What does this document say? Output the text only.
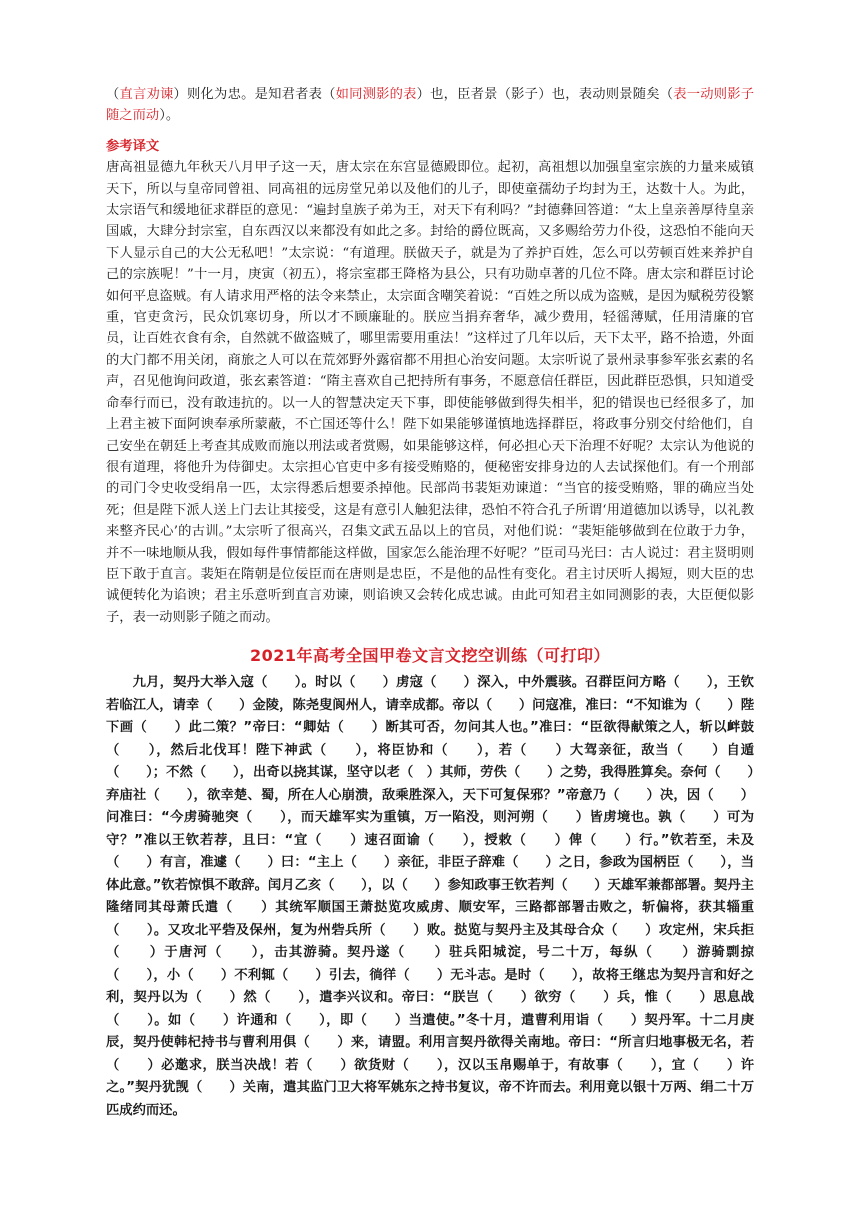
（直言劝谏）则化为忠。是知君者表（如同测影的表）也，臣者景（影子）也，表动则景随矣（表一动则影子随之而动）。

参考译文

唐高祖显德九年秋天八月甲子这一天，唐太宗在东宫显德殿即位。起初，高祖想以加强皇室宗族的力量来威镇天下，所以与皇帝同曾祖、同高祖的远房堂兄弟以及他们的儿子，即使童孺幼子均封为王，达数十人。为此，太宗语气和缓地征求群臣的意见：“遍封皇族子弟为王，对天下有利吗？”封德彝回答道：“太上皇亲善厚待皇亲国戚，大肆分封宗室，自东西汉以来都没有如此之多。封给的爵位既高，又多赐给劳力仆役，这恐怕不能向天下人显示自己的大公无私吧！”太宗说：“有道理。朕做天子，就是为了养护百姓，怎么可以劳顿百姓来养护自己的宗族呢！”十一月，庚寅（初五），将宗室郡王降格为县公，只有功勋卓著的几位不降。唐太宗和群臣讨论如何平息盗贼。有人请求用严格的法令来禁止，太宗面含嘲笑着说：“百姓之所以成为盗贼，是因为赋税劳役繁重，官吏贪污，民众饥寒切身，所以才不顾廉耻的。朕应当捐弃奢华，减少费用，轻徭薄赋，任用清廉的官员，让百姓衣食有余，自然就不做盗贼了，哪里需要用重法！”这样过了几年以后，天下太平，路不拾遗，外面的大门都不用关闭，商旅之人可以在荒郊野外露宿都不用担心治安问题。太宗听说了景州录事参军张玄素的名声，召见他询问政道，张玄素答道：“隋主喜欢自己把持所有事务，不愿意信任群臣，因此群臣恐惧，只知道受命奉行而已，没有敢违抗的。以一人的智慧决定天下事，即使能够做到得失相半，犯的错误也已经很多了，加上君主被下面阿谀奉承所蒙蔽，不亡国还等什么！陛下如果能够谨慎地选择群臣，将政事分别交付给他们，自己安坐在朝廷上考查其成败而施以刑法或者赏赐，如果能够这样，何必担心天下治理不好呢？太宗认为他说的很有道理，将他升为侍御史。太宗担心官吏中多有接受贿赂的，便秘密安排身边的人去试探他们。有一个刑部的司门令史收受绢帛一匹，太宗得悉后想要杀掉他。民部尚书裴矩劝谏道：“当官的接受贿赂，罪的确应当处死；但是陛下派人送上门去让其接受，这是有意引人触犯法律，恐怕不符合孔子所谓‘用道德加以诱导，以礼教来整齐民心’的古训。”太宗听了很高兴，召集文武五品以上的官员，对他们说：“裴矩能够做到在位敢于力争，并不一味地顺从我，假如每件事情都能这样做，国家怎么能治理不好呢？”臣司马光曰：古人说过：君主贤明则臣下敢于直言。裴矩在隋朝是位佞臣而在唐则是忠臣，不是他的品性有变化。君主讨厌听人揭短，则大臣的忠诚便转化为谄谀；君主乐意听到直言劝谏，则谄谀又会转化成忠诚。由此可知君主如同测影的表，大臣便似影子，表一动则影子随之而动。

2021年高考全国甲卷文言文挖空训练（可打印）

九月，契丹大举入寇（　　）。时以（　　）虏寇（　　）深入，中外震骇。召群臣问方略（　　），王钦若临江人，请幸（　　）金陵，陈尧叟阆州人，请幸成都。帝以（　　）问寇准，准曰：“不知谁为（　　）陛下画（　　）此二策？”帝曰：“卿姑（　　）断其可否，勿问其人也。”准曰：“臣欲得献策之人，斩以衅鼓（　　），然后北伐耳！陛下神武（　　），将臣协和（　　），若（　　）大驾亲征，敌当（　　）自遁（　　）；不然（　　），出奇以挠其谋，坚守以老（　）其师，劳佚（　　）之势，我得胜算矣。奈何（　　）弃庙社（　　），欲幸楚、蜀，所在人心崩溃，敌乘胜深入，天下可复保邪？”帝意乃（　　）决，因（　　）问准曰：“今虏骑驰突（　　），而天雄军实为重镇，万一陷没，则河朔（　　）皆虏境也。孰（　　）可为守？”准以王钦若荐，且曰：“宜（　　）速召面谕（　　），授敕（　　）俾（　　）行。”钦若至，未及（　　）有言，准遽（　　）曰：“主上（　　）亲征，非臣子辞难（　　）之日，参政为国柄臣（　　），当体此意。”钦若惊惧不敢辞。闰月乙亥（　　），以（　　）参知政事王钦若判（　　）天雄军兼都部署。契丹主隆绪同其母萧氏遣（　　）其统军顺国王萧挞览攻威虏、顺安军，三路都部署击败之，斩偏将，获其辎重（　　）。又攻北平砦及保州，复为州砦兵所（　　）败。挞览与契丹主及其母合众（　　）攻定州，宋兵拒（　　）于唐河（　　），击其游骑。契丹遂（　　）驻兵阳城淀，号二十万，每纵（　　）游骑剽掠（　　），小（　　）不利辄（　　）引去，徜徉（　　）无斗志。是时（　　），故将王继忠为契丹言和好之利，契丹以为（　　）然（　　），遣李兴议和。帝曰：“朕岂（　　）欲穷（　　）兵，惟（　　）思息战（　　）。如（　　）许通和（　　），即（　　）当遣使。”冬十月，遣曹利用诣（　　）契丹军。十二月庚辰，契丹使韩杞持书与曹利用俱（　　）来，请盟。利用言契丹欲得关南地。帝曰：“所言归地事极无名，若（　　）必邀求，朕当决战！若（　　）欲货财（　　），汉以玉帛赐单于，有故事（　　），宜（　　）许之。”契丹犹觊（　　）关南，遣其监门卫大将军姚东之持书复议，帝不许而去。利用竟以银十万两、绢二十万匹成约而还。
